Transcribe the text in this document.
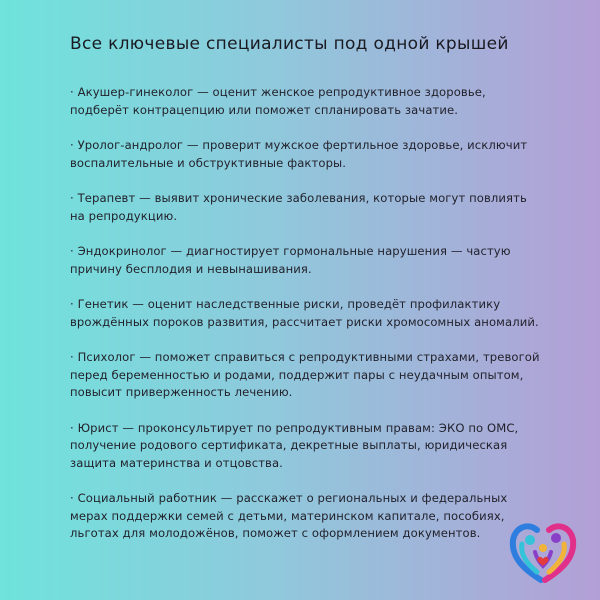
Все ключевые специалисты под одной крышей

· Акушер-гинеколог — оценит женское репродуктивное здоровье, подберёт контрацепцию или поможет спланировать зачатие.

· Уролог-андролог — проверит мужское фертильное здоровье, исключит воспалительные и обструктивные факторы.

· Терапевт — выявит хронические заболевания, которые могут повлиять на репродукцию.

· Эндокринолог — диагностирует гормональные нарушения — частую причину бесплодия и невынашивания.

· Генетик — оценит наследственные риски, проведёт профилактику врождённых пороков развития, рассчитает риски хромосомных аномалий.

· Психолог — поможет справиться с репродуктивными страхами, тревогой перед беременностью и родами, поддержит пары с неудачным опытом, повысит приверженность лечению.

· Юрист — проконсультирует по репродуктивным правам: ЭКО по ОМС, получение родового сертификата, декретные выплаты, юридическая защита материнства и отцовства.

· Социальный работник — расскажет о региональных и федеральных мерах поддержки семей с детьми, материнском капитале, пособиях, льготах для молодожёнов, поможет с оформлением документов.
